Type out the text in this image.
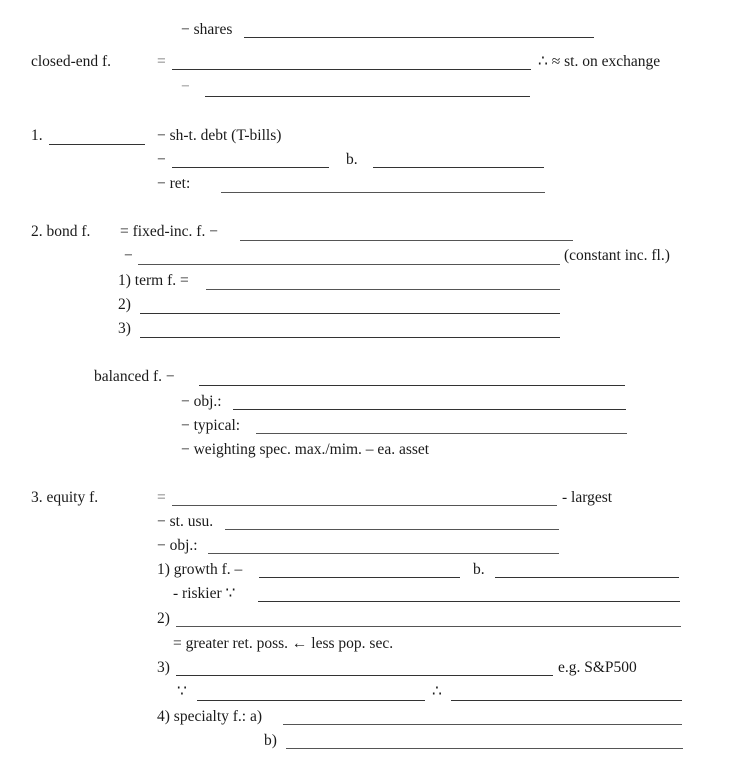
− shares
closed-end f.	=	∴ ≈ st. on exchange
−
1.	− sh-t. debt (T-bills)
−	b.
− ret:
2. bond f. = fixed-inc. f. −
−	(constant inc. fl.)
1) term f. =
2)
3)
balanced f. −
− obj.:
− typical:
− weighting spec. max./mim. – ea. asset
3. equity f.	=	- largest
− st. usu.
− obj.:
1) growth f. –	b.
- riskier ∵
2)
= greater ret. poss. ← less pop. sec.
3)	e.g. S&P500
∵	∴
4) specialty f.: a)
b)
